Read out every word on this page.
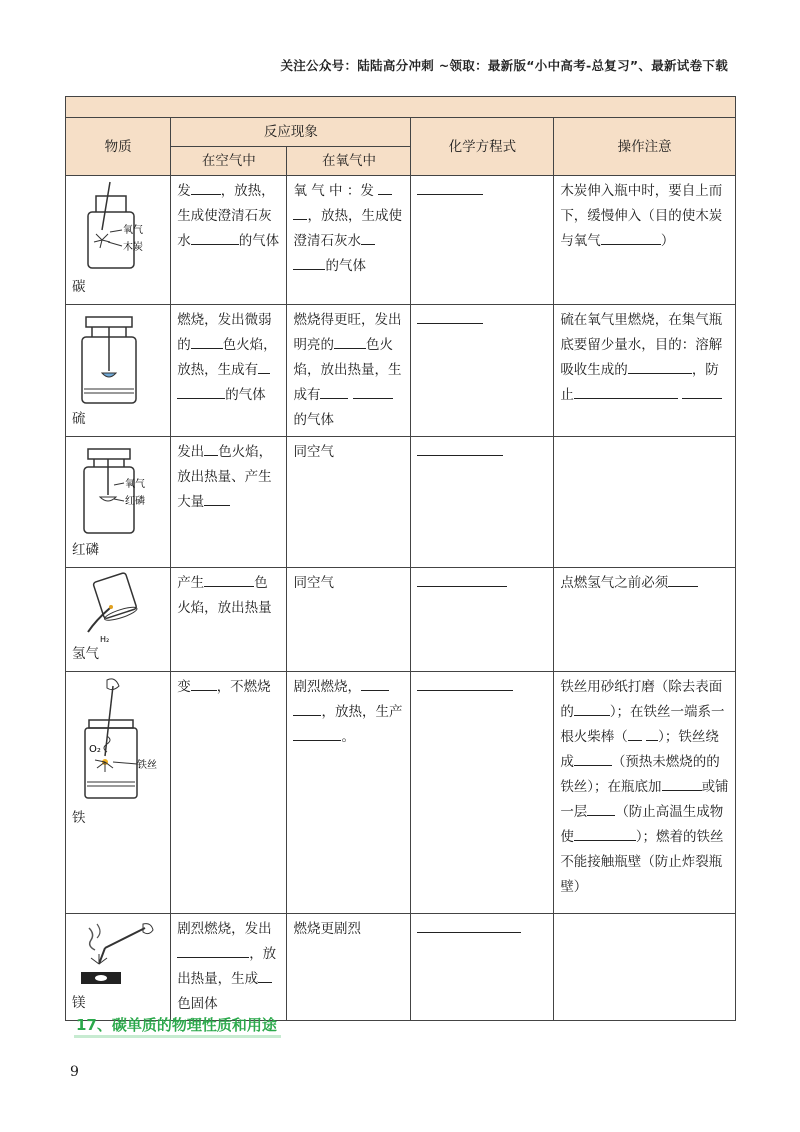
关注公众号：陆陆高分冲刺 ~领取：最新版“小中高考-总复习”、最新试卷下载

物质	反应现象		化学方程式	操作注意
	在空气中	在氧气中		

氧气
木炭
碳	发 ，放热，生成使澄清石灰水 的气体	氧 气 中 ：发  ，放热，生成使澄清石灰水 的气体		木炭伸入瓶中时，要自上而下，缓慢伸入（目的使木炭与氧气 ）

硫	燃烧，发出微弱的 色火焰，放热，生成有 的气体	燃烧得更旺，发出明亮的 色火焰，放出热量，生成有 的气体		硫在氧气里燃烧，在集气瓶底要留少量水，目的：溶解吸收生成的 ，防止

氧气
红磷
红磷	发出 色火焰，放出热量、产生大量	同空气		

H₂
氢气	产生 色火焰，放出热量	同空气		点燃氢气之前必须

O₂
铁丝
铁	变 ，不燃烧	剧烈燃烧， ，放热，生产。		铁丝用砂纸打磨（除去表面的 ）；在铁丝一端系一根火柴棒（ ）；铁丝绕成 （预热未燃烧的的铁丝）；在瓶底加 或铺一层 （防止高温生成物使 ）；燃着的铁丝不能接触瓶壁（防止炸裂瓶壁）

镁	剧烈燃烧，发出，放出热量，生成色固体	燃烧更剧烈		
17、碳单质的物理性质和用途
9
